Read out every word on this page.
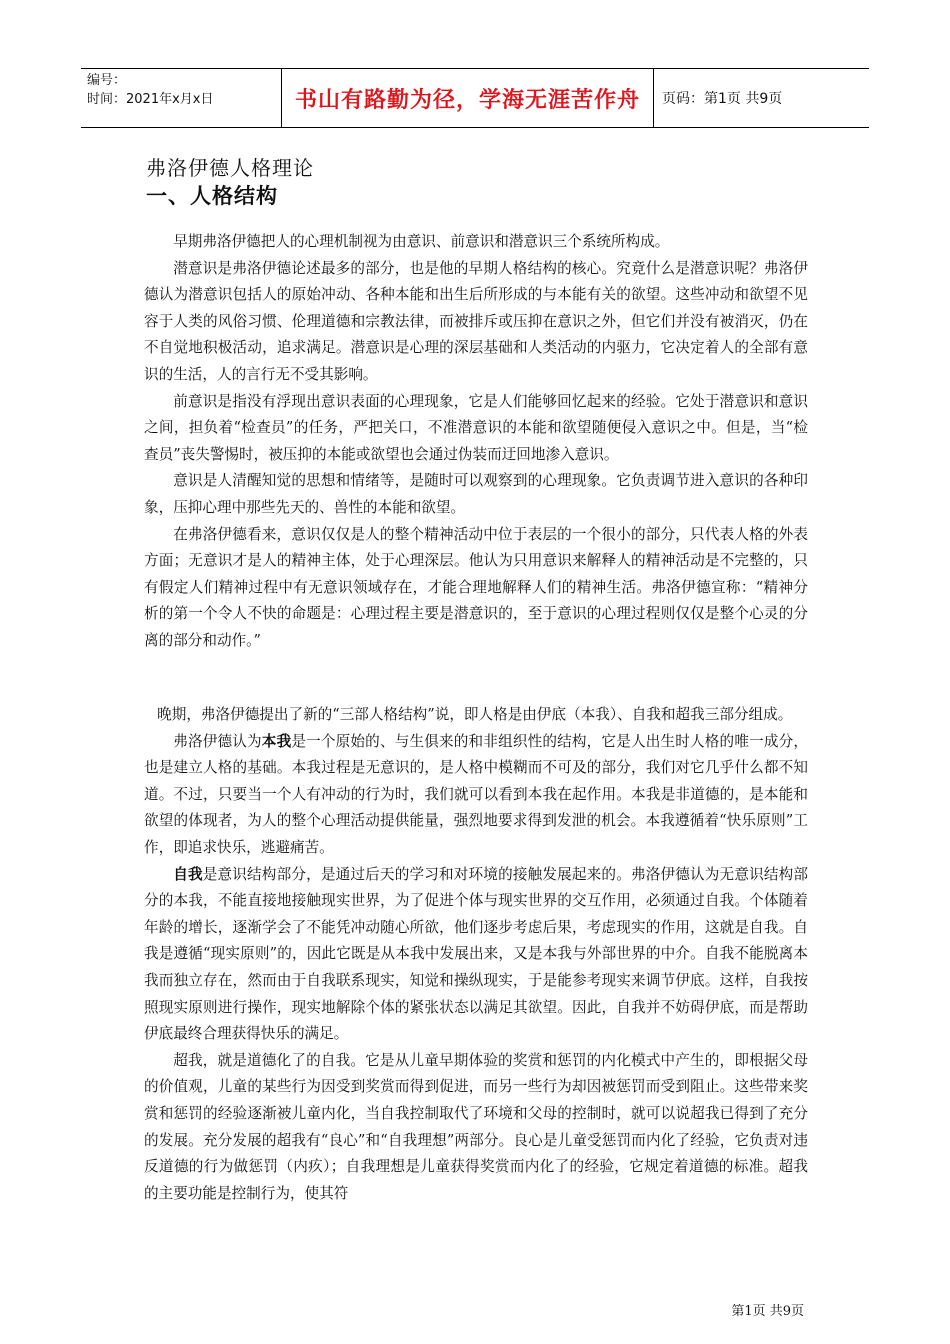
编号：
时间：2021年x月x日	书山有路勤为径，学海无涯苦作舟	页码：第1页 共9页
弗洛伊德人格理论
一、人格结构

早期弗洛伊德把人的心理机制视为由意识、前意识和潜意识三个系统所构成。

潜意识是弗洛伊德论述最多的部分，也是他的早期人格结构的核心。究竟什么是潜意识呢？弗洛伊德认为潜意识包括人的原始冲动、各种本能和出生后所形成的与本能有关的欲望。这些冲动和欲望不见容于人类的风俗习惯、伦理道德和宗教法律，而被排斥或压抑在意识之外，但它们并没有被消灭，仍在不自觉地积极活动，追求满足。潜意识是心理的深层基础和人类活动的内驱力，它决定着人的全部有意识的生活，人的言行无不受其影响。

前意识是指没有浮现出意识表面的心理现象，它是人们能够回忆起来的经验。它处于潜意识和意识之间，担负着“检查员”的任务，严把关口，不准潜意识的本能和欲望随便侵入意识之中。但是，当“检查员”丧失警惕时，被压抑的本能或欲望也会通过伪装而迂回地渗入意识。

意识是人清醒知觉的思想和情绪等，是随时可以观察到的心理现象。它负责调节进入意识的各种印象，压抑心理中那些先天的、兽性的本能和欲望。

在弗洛伊德看来，意识仅仅是人的整个精神活动中位于表层的一个很小的部分，只代表人格的外表方面；无意识才是人的精神主体，处于心理深层。他认为只用意识来解释人的精神活动是不完整的，只有假定人们精神过程中有无意识领域存在，才能合理地解释人们的精神生活。弗洛伊德宣称：“精神分析的第一个令人不快的命题是：心理过程主要是潜意识的，至于意识的心理过程则仅仅是整个心灵的分离的部分和动作。”

晚期，弗洛伊德提出了新的“三部人格结构”说，即人格是由伊底（本我）、自我和超我三部分组成。

弗洛伊德认为本我是一个原始的、与生俱来的和非组织性的结构，它是人出生时人格的唯一成分，也是建立人格的基础。本我过程是无意识的，是人格中模糊而不可及的部分，我们对它几乎什么都不知道。不过，只要当一个人有冲动的行为时，我们就可以看到本我在起作用。本我是非道德的，是本能和欲望的体现者，为人的整个心理活动提供能量，强烈地要求得到发泄的机会。本我遵循着“快乐原则”工作，即追求快乐，逃避痛苦。

自我是意识结构部分，是通过后天的学习和对环境的接触发展起来的。弗洛伊德认为无意识结构部分的本我，不能直接地接触现实世界，为了促进个体与现实世界的交互作用，必须通过自我。个体随着年龄的增长，逐渐学会了不能凭冲动随心所欲，他们逐步考虑后果，考虑现实的作用，这就是自我。自我是遵循“现实原则”的，因此它既是从本我中发展出来，又是本我与外部世界的中介。自我不能脱离本我而独立存在，然而由于自我联系现实，知觉和操纵现实，于是能参考现实来调节伊底。这样，自我按照现实原则进行操作，现实地解除个体的紧张状态以满足其欲望。因此，自我并不妨碍伊底，而是帮助伊底最终合理获得快乐的满足。

超我，就是道德化了的自我。它是从儿童早期体验的奖赏和惩罚的内化模式中产生的，即根据父母的价值观，儿童的某些行为因受到奖赏而得到促进，而另一些行为却因被惩罚而受到阻止。这些带来奖赏和惩罚的经验逐渐被儿童内化，当自我控制取代了环境和父母的控制时，就可以说超我已得到了充分的发展。充分发展的超我有“良心”和“自我理想”两部分。良心是儿童受惩罚而内化了经验，它负责对违反道德的行为做惩罚（内疚）；自我理想是儿童获得奖赏而内化了的经验，它规定着道德的标准。超我的主要功能是控制行为，使其符

第1页 共9页
